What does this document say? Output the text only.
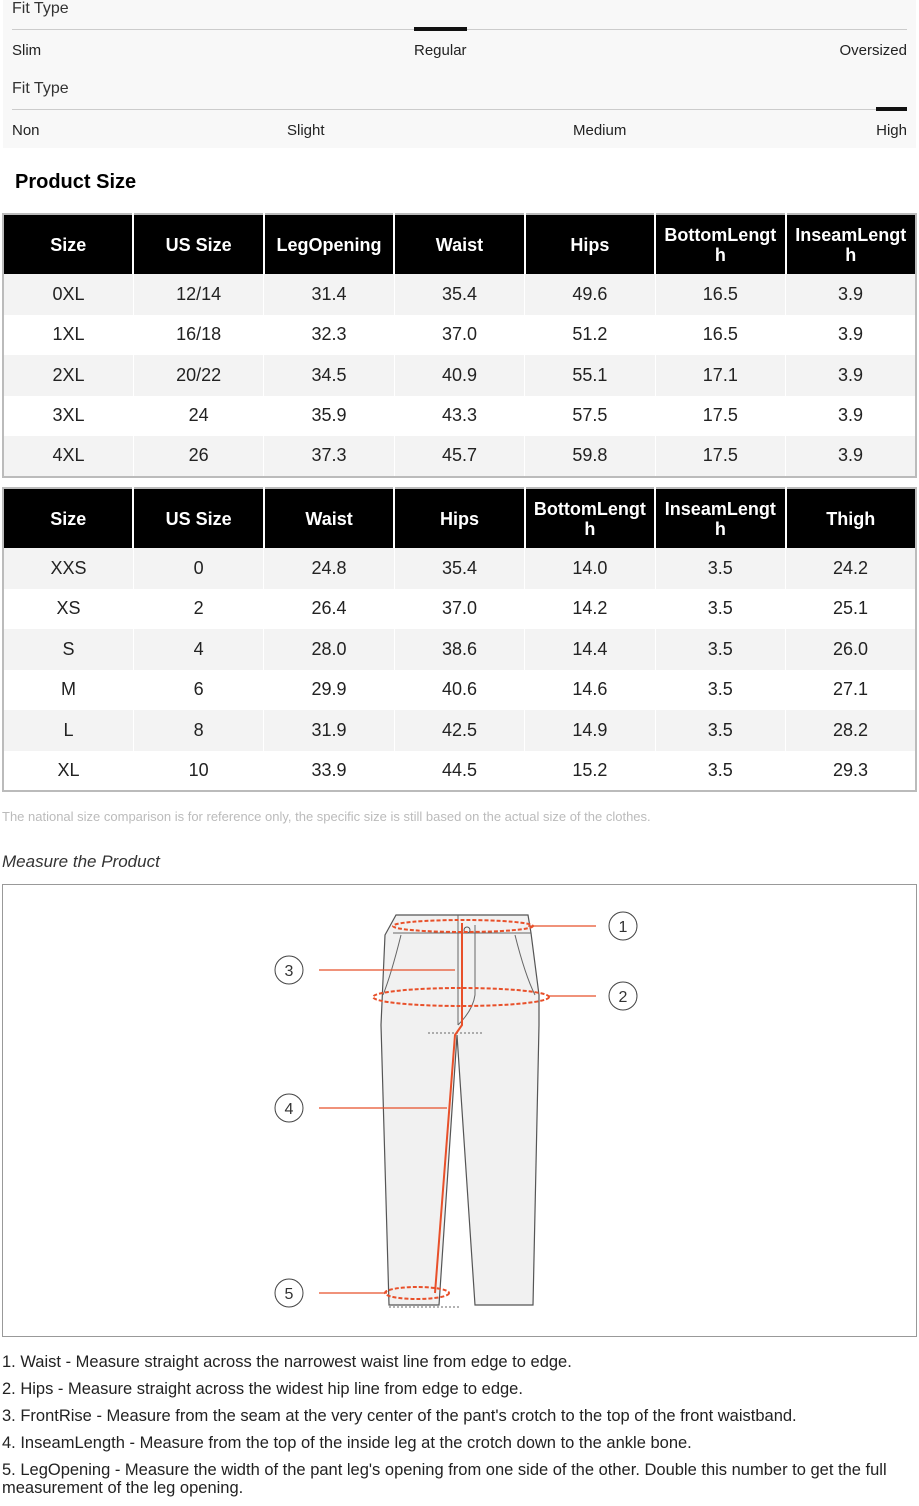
Fit Type
Slim	Regular	Oversized
Fit Type
Non	Slight	Medium	High
Product Size
Size	US Size	LegOpening	Waist	Hips	BottomLength	InseamLength
0XL	12/14	31.4	35.4	49.6	16.5	3.9
1XL	16/18	32.3	37.0	51.2	16.5	3.9
2XL	20/22	34.5	40.9	55.1	17.1	3.9
3XL	24	35.9	43.3	57.5	17.5	3.9
4XL	26	37.3	45.7	59.8	17.5	3.9
Size	US Size	Waist	Hips	BottomLength	InseamLength	Thigh
XXS	0	24.8	35.4	14.0	3.5	24.2
XS	2	26.4	37.0	14.2	3.5	25.1
S	4	28.0	38.6	14.4	3.5	26.0
M	6	29.9	40.6	14.6	3.5	27.1
L	8	31.9	42.5	14.9	3.5	28.2
XL	10	33.9	44.5	15.2	3.5	29.3
The national size comparison is for reference only, the specific size is still based on the actual size of the clothes.
Measure the Product
1
2
3
4
5
1. Waist - Measure straight across the narrowest waist line from edge to edge.
2. Hips - Measure straight across the widest hip line from edge to edge.
3. FrontRise - Measure from the seam at the very center of the pant's crotch to the top of the front waistband.
4. InseamLength - Measure from the top of the inside leg at the crotch down to the ankle bone.
5. LegOpening - Measure the width of the pant leg's opening from one side of the other. Double this number to get the full measurement of the leg opening.
